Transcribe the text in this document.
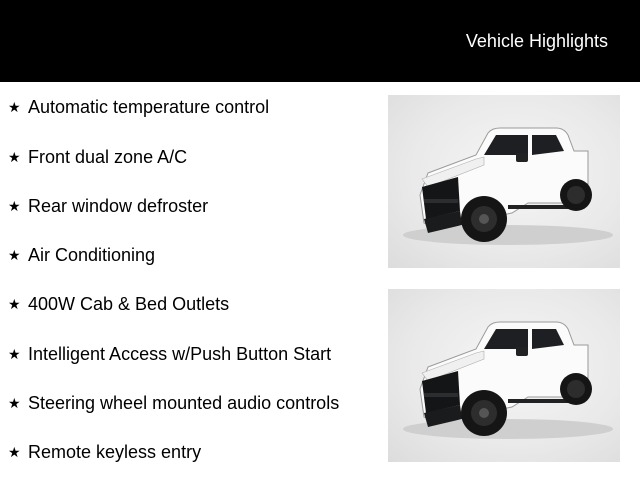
Vehicle Highlights
★ Automatic temperature control
★ Front dual zone A/C
★ Rear window defroster
★ Air Conditioning
★ 400W Cab & Bed Outlets
★ Intelligent Access w/Push Button Start
★ Steering wheel mounted audio controls
★ Remote keyless entry
